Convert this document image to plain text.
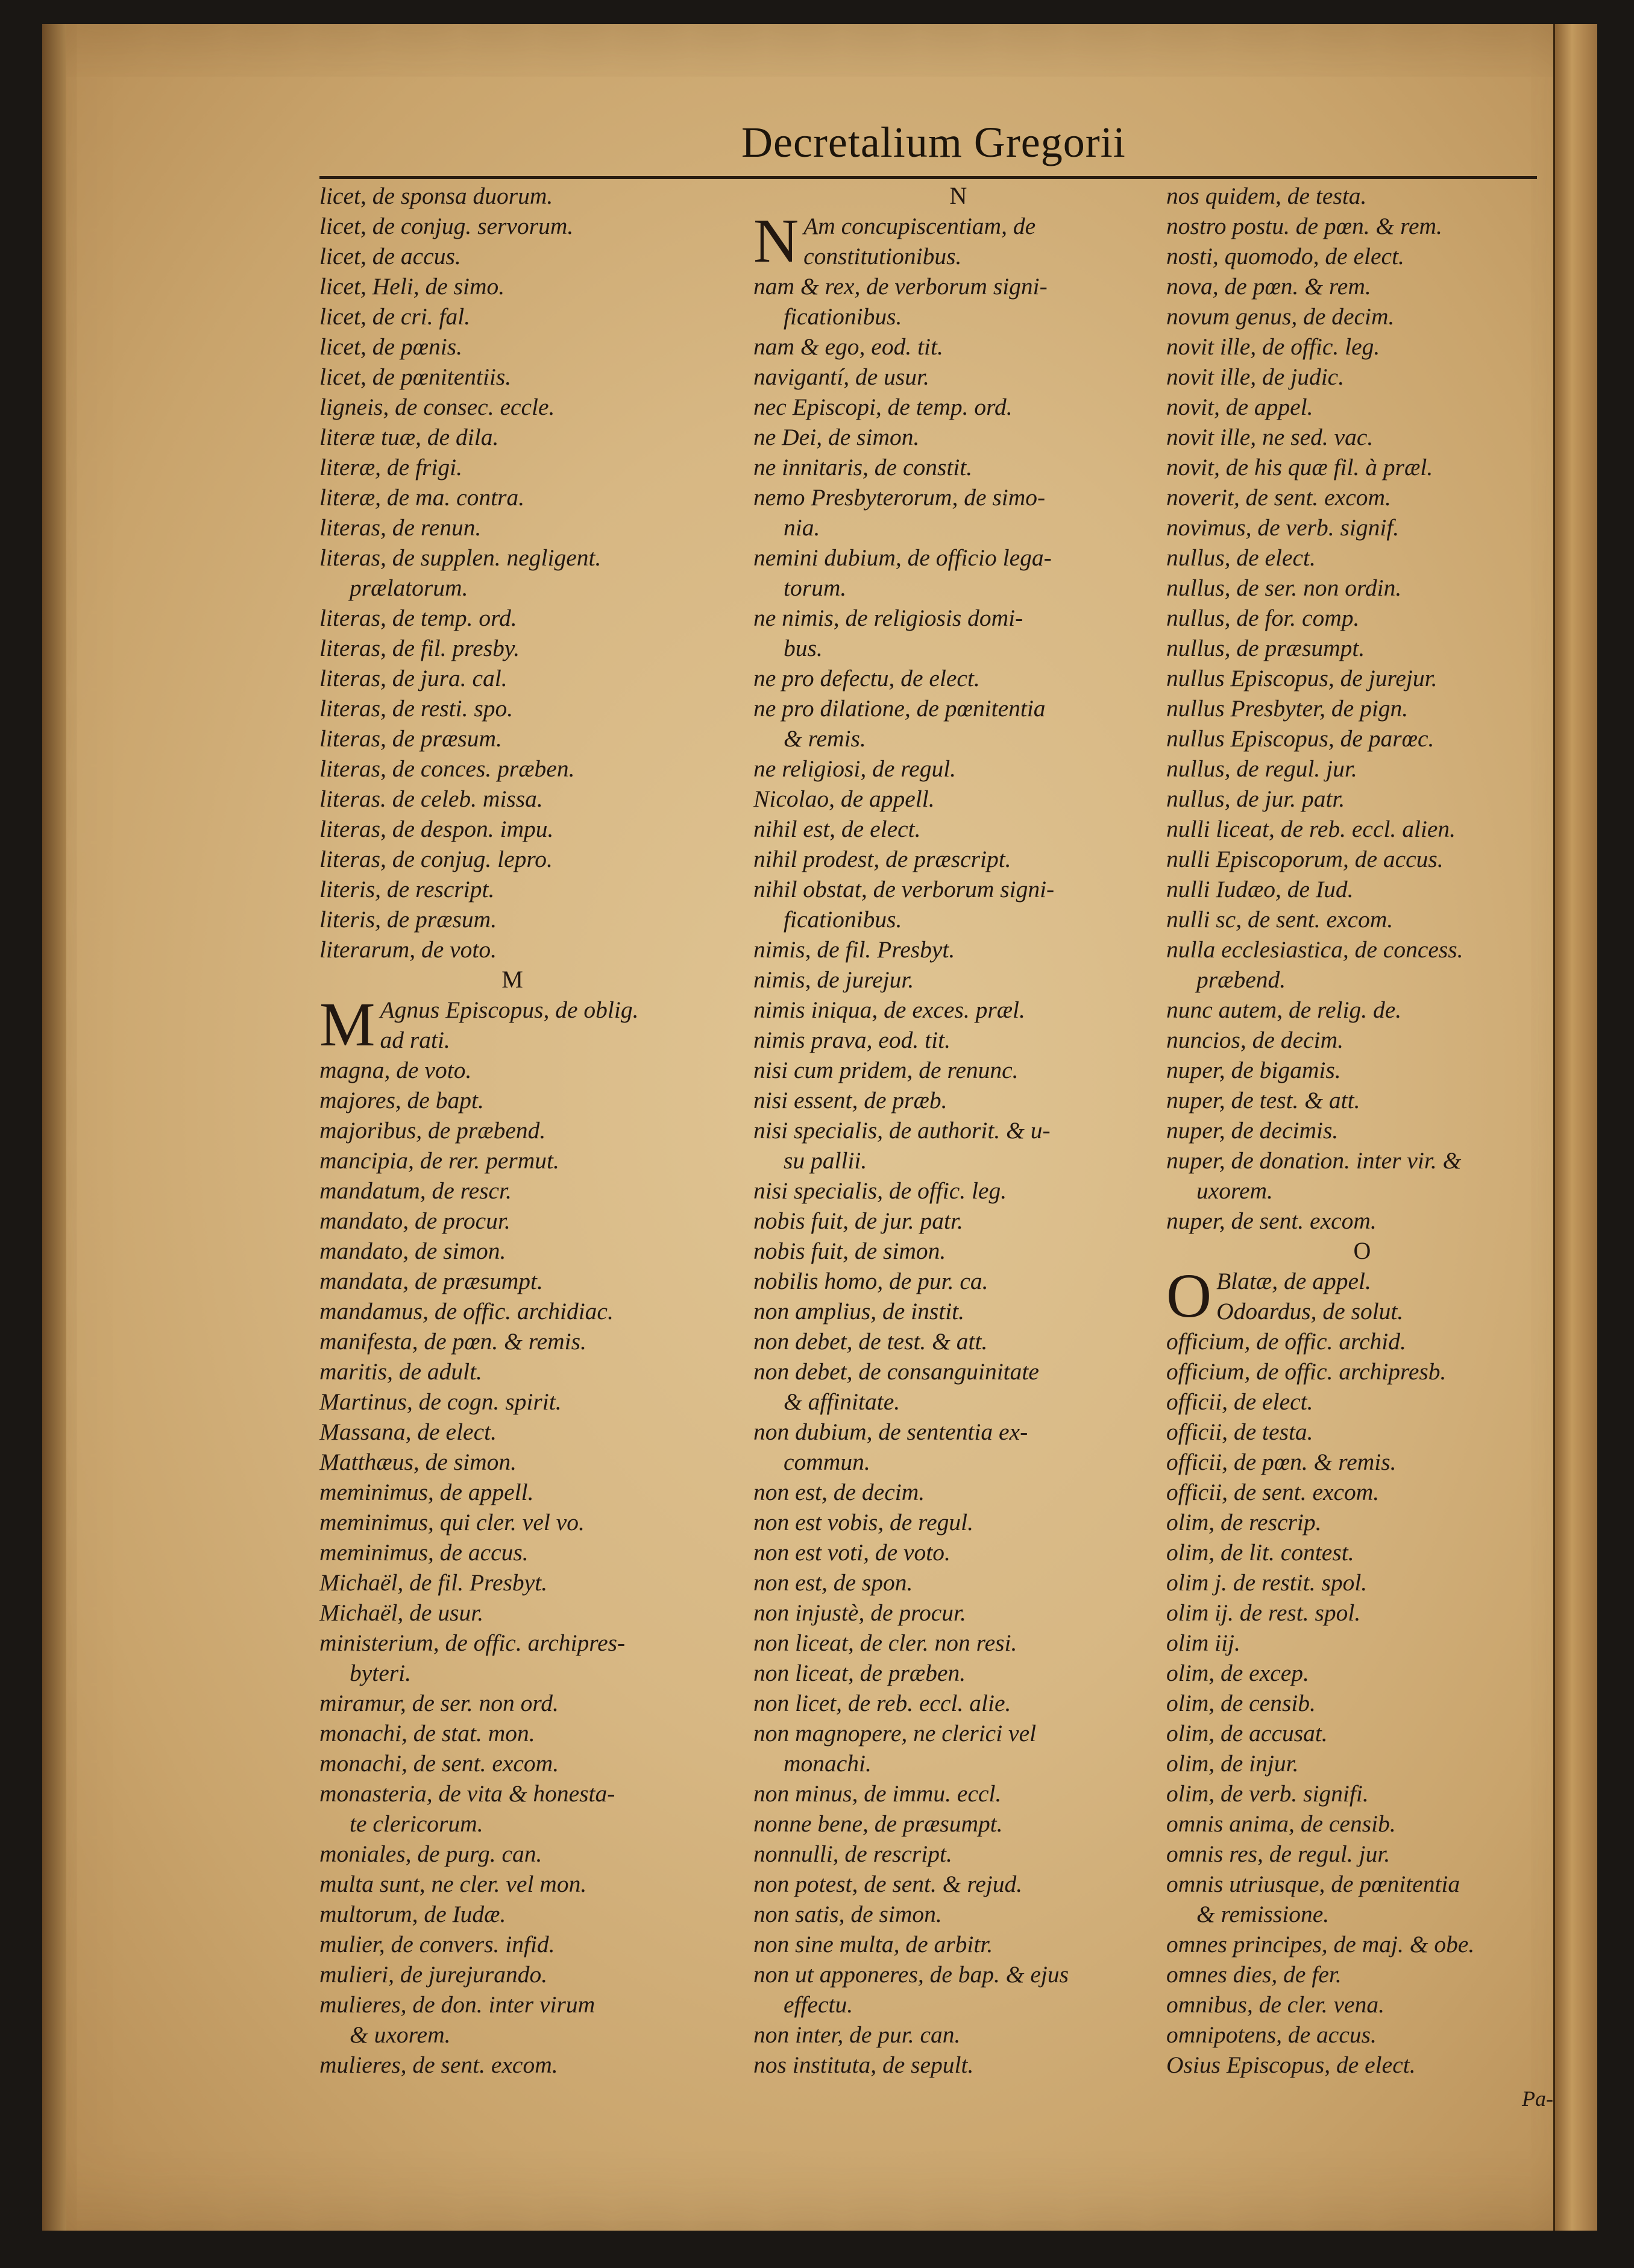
Decretalium Gregorii

licet, de sponsa duorum.

licet, de conjug. servorum.

licet, de accus.

licet, Heli, de simo.

licet, de cri. fal.

licet, de pœnis.

licet, de pœnitentiis.

ligneis, de consec. eccle.

literæ tuæ, de dila.

literæ, de frigi.

literæ, de ma. contra.

literas, de renun.

literas, de supplen. negligent.

prælatorum.

literas, de temp. ord.

literas, de fil. presby.

literas, de jura. cal.

literas, de resti. spo.

literas, de præsum.

literas, de conces. præben.

literas. de celeb. missa.

literas, de despon. impu.

literas, de conjug. lepro.

literis, de rescript.

literis, de præsum.

literarum, de voto.

M

M Agnus Episcopus, de oblig.

ad rati.

magna, de voto.

majores, de bapt.

majoribus, de præbend.

mancipia, de rer. permut.

mandatum, de rescr.

mandato, de procur.

mandato, de simon.

mandata, de præsumpt.

mandamus, de offic. archidiac.

manifesta, de pœn. & remis.

maritis, de adult.

Martinus, de cogn. spirit.

Massana, de elect.

Matthæus, de simon.

meminimus, de appell.

meminimus, qui cler. vel vo.

meminimus, de accus.

Michaël, de fil. Presbyt.

Michaël, de usur.

ministerium, de offic. archipres-

byteri.

miramur, de ser. non ord.

monachi, de stat. mon.

monachi, de sent. excom.

monasteria, de vita & honesta-

te clericorum.

moniales, de purg. can.

multa sunt, ne cler. vel mon.

multorum, de Iudæ.

mulier, de convers. infid.

mulieri, de jurejurando.

mulieres, de don. inter virum

& uxorem.

mulieres, de sent. excom.

N

N Am concupiscentiam, de

constitutionibus.

nam & rex, de verborum signi-

ficationibus.

nam & ego, eod. tit.

navigantí, de usur.

nec Episcopi, de temp. ord.

ne Dei, de simon.

ne innitaris, de constit.

nemo Presbyterorum, de simo-

nia.

nemini dubium, de officio lega-

torum.

ne nimis, de religiosis domi-

bus.

ne pro defectu, de elect.

ne pro dilatione, de pœnitentia

& remis.

ne religiosi, de regul.

Nicolao, de appell.

nihil est, de elect.

nihil prodest, de præscript.

nihil obstat, de verborum signi-

ficationibus.

nimis, de fil. Presbyt.

nimis, de jurejur.

nimis iniqua, de exces. præl.

nimis prava, eod. tit.

nisi cum pridem, de renunc.

nisi essent, de præb.

nisi specialis, de authorit. & u-

su pallii.

nisi specialis, de offic. leg.

nobis fuit, de jur. patr.

nobis fuit, de simon.

nobilis homo, de pur. ca.

non amplius, de instit.

non debet, de test. & att.

non debet, de consanguinitate

& affinitate.

non dubium, de sententia ex-

commun.

non est, de decim.

non est vobis, de regul.

non est voti, de voto.

non est, de spon.

non injustè, de procur.

non liceat, de cler. non resi.

non liceat, de præben.

non licet, de reb. eccl. alie.

non magnopere, ne clerici vel

monachi.

non minus, de immu. eccl.

nonne bene, de præsumpt.

nonnulli, de rescript.

non potest, de sent. & rejud.

non satis, de simon.

non sine multa, de arbitr.

non ut apponeres, de bap. & ejus

effectu.

non inter, de pur. can.

nos instituta, de sepult.

nos quidem, de testa.

nostro postu. de pœn. & rem.

nosti, quomodo, de elect.

nova, de pœn. & rem.

novum genus, de decim.

novit ille, de offic. leg.

novit ille, de judic.

novit, de appel.

novit ille, ne sed. vac.

novit, de his quæ fil. à præl.

noverit, de sent. excom.

novimus, de verb. signif.

nullus, de elect.

nullus, de ser. non ordin.

nullus, de for. comp.

nullus, de præsumpt.

nullus Episcopus, de jurejur.

nullus Presbyter, de pign.

nullus Episcopus, de parœc.

nullus, de regul. jur.

nullus, de jur. patr.

nulli liceat, de reb. eccl. alien.

nulli Episcoporum, de accus.

nulli Iudæo, de Iud.

nulli sc, de sent. excom.

nulla ecclesiastica, de concess.

præbend.

nunc autem, de relig. de.

nuncios, de decim.

nuper, de bigamis.

nuper, de test. & att.

nuper, de decimis.

nuper, de donation. inter vir. &

uxorem.

nuper, de sent. excom.

O

O Blatæ, de appel.

Odoardus, de solut.

officium, de offic. archid.

officium, de offic. archipresb.

officii, de elect.

officii, de testa.

officii, de pœn. & remis.

officii, de sent. excom.

olim, de rescrip.

olim, de lit. contest.

olim j. de restit. spol.

olim ij. de rest. spol.

olim iij.

olim, de excep.

olim, de censib.

olim, de accusat.

olim, de injur.

olim, de verb. signifi.

omnis anima, de censib.

omnis res, de regul. jur.

omnis utriusque, de pœnitentia

& remissione.

omnes principes, de maj. & obe.

omnes dies, de fer.

omnibus, de cler. vena.

omnipotens, de accus.

Osius Episcopus, de elect.

Pa-
